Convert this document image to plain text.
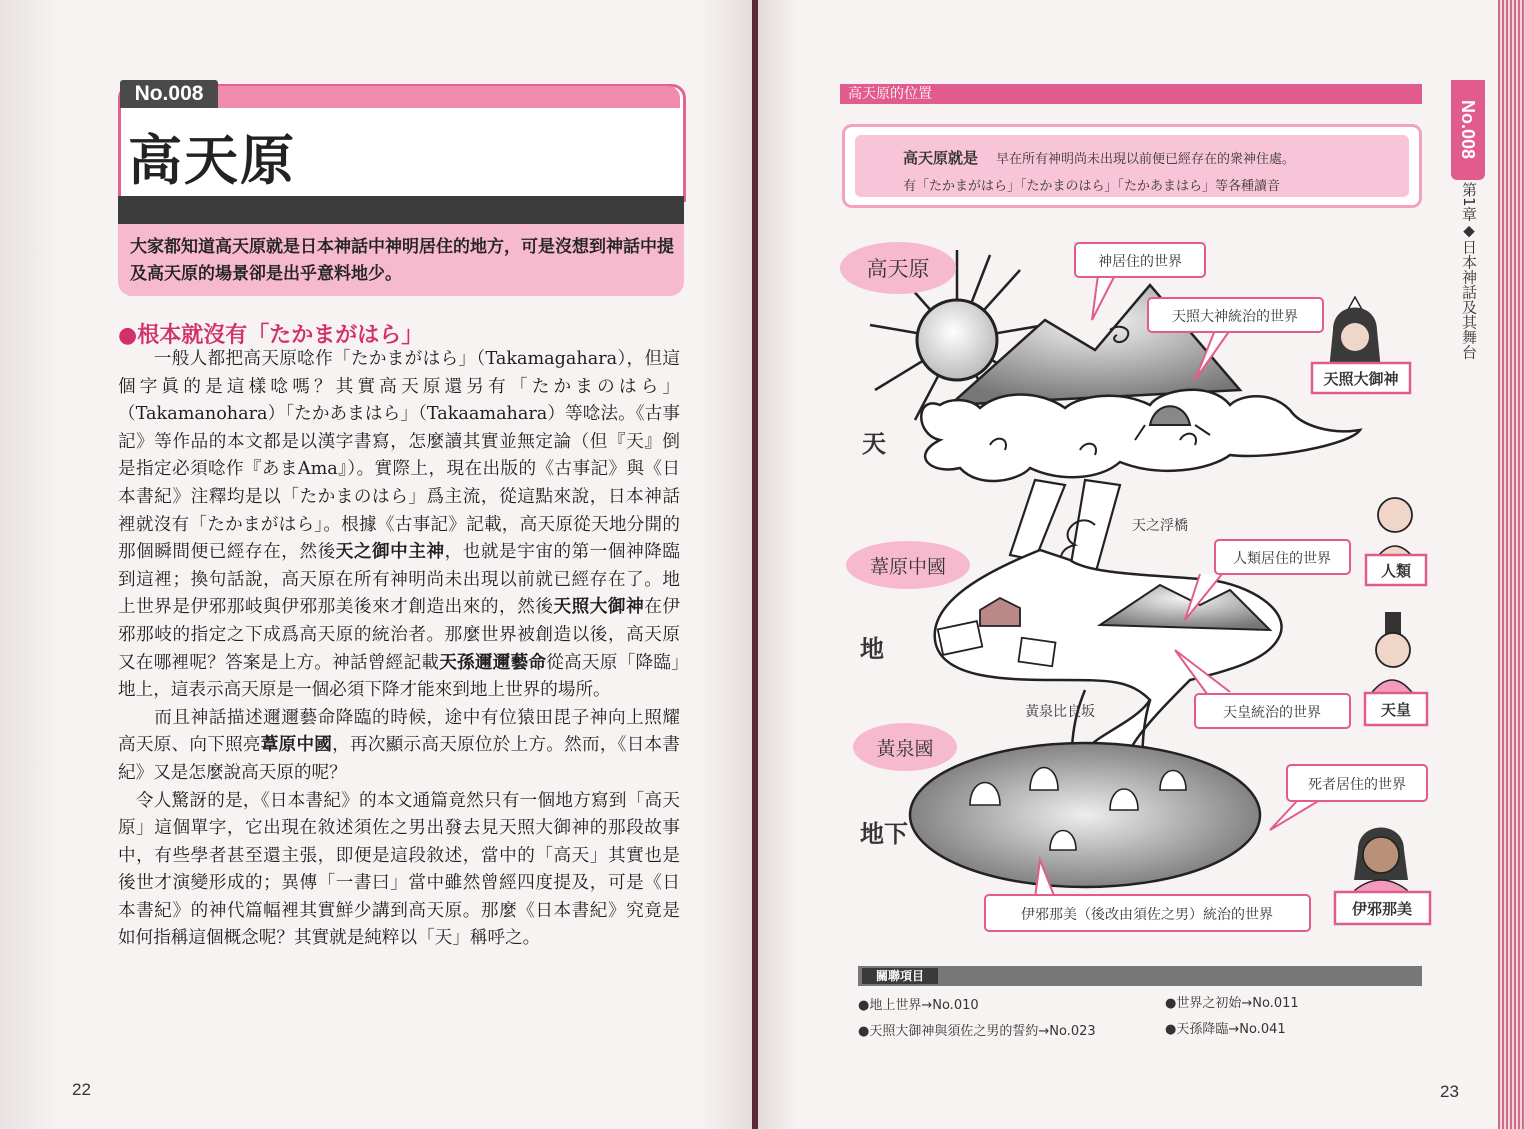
No.008
高天原
大家都知道高天原就是日本神話中神明居住的地方，可是沒想到神話中提及高天原的場景卻是出乎意料地少。
●根本就沒有「たかまがはら」

　　一般人都把高天原唸作「たかまがはら」（Takamagahara），但這個字眞的是這樣唸嗎？其實高天原還另有「たかまのはら」（Takamanohara）「たかあまはら」（Takaamahara）等唸法。《古事記》等作品的本文都是以漢字書寫，怎麼讀其實並無定論（但『天』倒是指定必須唸作『あまAma』）。實際上，現在出版的《古事記》與《日本書紀》注釋均是以「たかまのはら」爲主流，從這點來說，日本神話裡就沒有「たかまがはら」。根據《古事記》記載，高天原從天地分開的那個瞬間便已經存在，然後天之御中主神，也就是宇宙的第一個神降臨到這裡；換句話說，高天原在所有神明尚未出現以前就已經存在了。地上世界是伊邪那岐與伊邪那美後來才創造出來的，然後天照大御神在伊邪那岐的指定之下成爲高天原的統治者。那麼世界被創造以後，高天原又在哪裡呢？答案是上方。神話曾經記載天孫邇邇藝命從高天原「降臨」地上，這表示高天原是一個必須下降才能來到地上世界的場所。

　　而且神話描述邇邇藝命降臨的時候，途中有位猿田毘子神向上照耀高天原、向下照亮葦原中國，再次顯示高天原位於上方。然而，《日本書紀》又是怎麼說高天原的呢？

　令人驚訝的是，《日本書紀》的本文通篇竟然只有一個地方寫到「高天原」這個單字，它出現在敘述須佐之男出發去見天照大御神的那段故事中，有些學者甚至還主張，即便是這段敘述，當中的「高天」其實也是後世才演變形成的；異傳「一書曰」當中雖然曾經四度提及，可是《日本書紀》的神代篇幅裡其實鮮少講到高天原。那麼《日本書紀》究竟是如何指稱這個概念呢？其實就是純粹以「天」稱呼之。

22
高天原的位置
高天原就是 早在所有神明尚未出現以前便已經存在的衆神住處。
有「たかまがはら」「たかまのはら」「たかあまはら」等各種讀音
No.008
第1章◆日本神話及其舞台
高天原
葦原中國
黃泉國
天
地
地下
神居住的世界
天照大神統治的世界
人類居住的世界
天皇統治的世界
死者居住的世界
伊邪那美（後改由須佐之男）統治的世界
天之浮橋
黃泉比良坂
天照大御神
人類
天皇
伊邪那美
關聯項目
●地上世界→No.010	●世界之初始→No.011
●天照大御神與須佐之男的誓約→No.023	●天孫降臨→No.041
23
